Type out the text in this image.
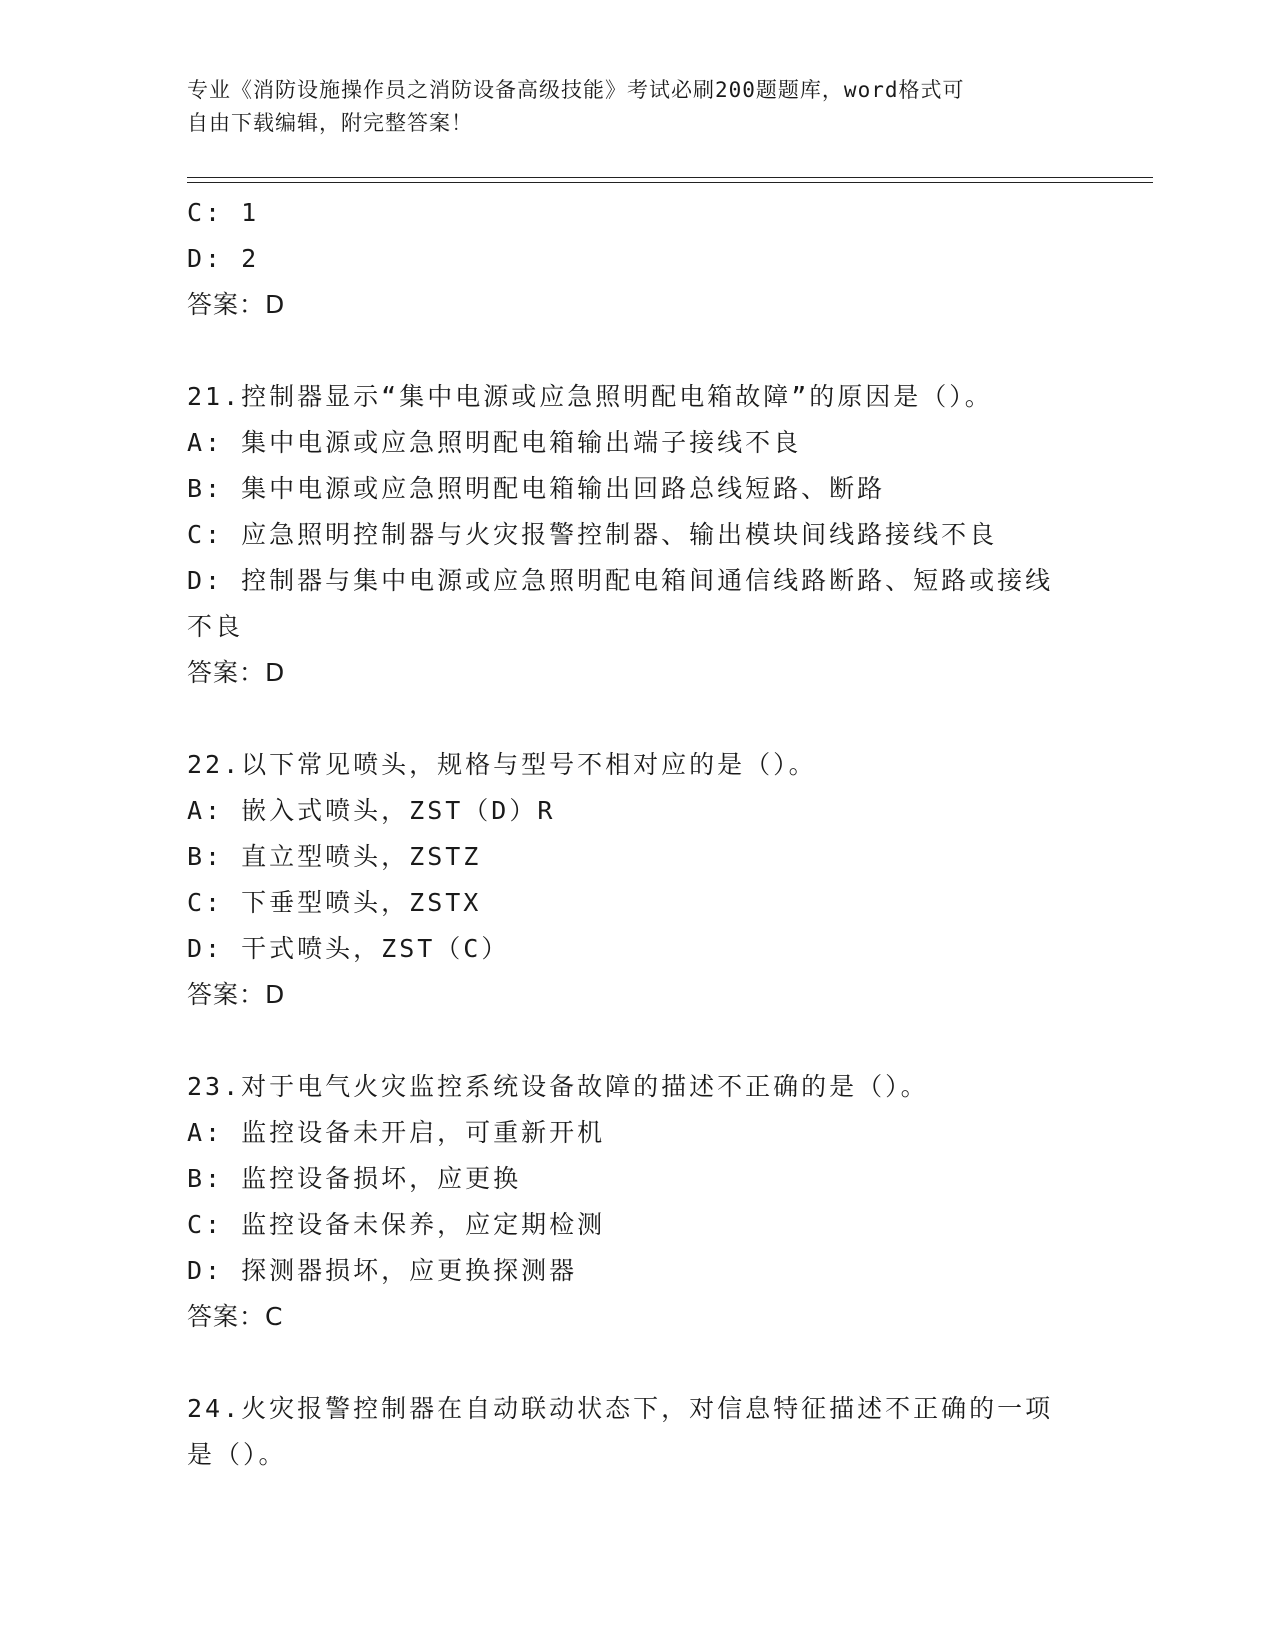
专业《消防设施操作员之消防设备高级技能》考试必刷200题题库，word格式可
自由下载编辑，附完整答案！
C: 1
D: 2
答案：D
21.控制器显示“集中电源或应急照明配电箱故障”的原因是（）。
A: 集中电源或应急照明配电箱输出端子接线不良
B: 集中电源或应急照明配电箱输出回路总线短路、断路
C: 应急照明控制器与火灾报警控制器、输出模块间线路接线不良
D: 控制器与集中电源或应急照明配电箱间通信线路断路、短路或接线
不良
答案：D
22.以下常见喷头，规格与型号不相对应的是（）。
A: 嵌入式喷头，ZST（D）R
B: 直立型喷头，ZSTZ
C: 下垂型喷头，ZSTX
D: 干式喷头，ZST（C）
答案：D
23.对于电气火灾监控系统设备故障的描述不正确的是（）。
A: 监控设备未开启，可重新开机
B: 监控设备损坏，应更换
C: 监控设备未保养，应定期检测
D: 探测器损坏，应更换探测器
答案：C
24.火灾报警控制器在自动联动状态下，对信息特征描述不正确的一项
是（）。
